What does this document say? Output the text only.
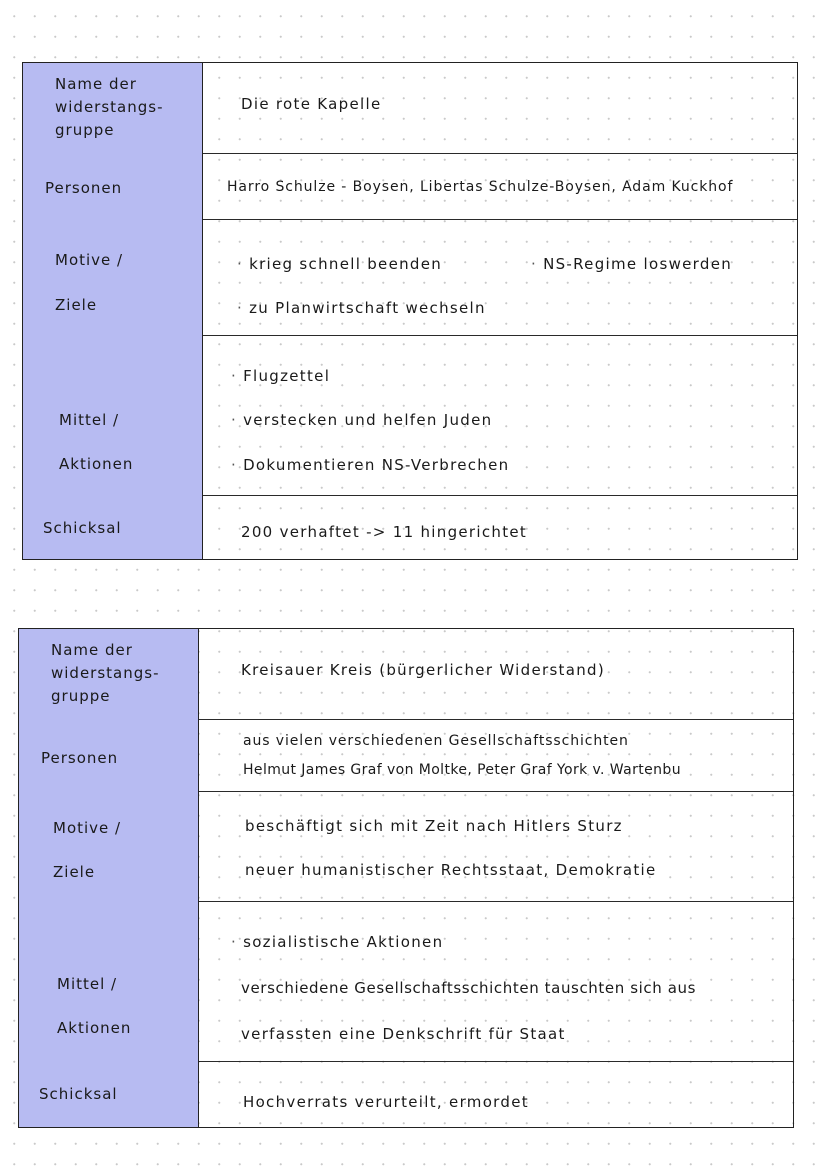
Name der
widerstangs-
gruppe
Die rote Kapelle
Personen	Harro Schulze - Boysen, Libertas Schulze-Boysen, Adam Kuckhof
Motive /
Ziele
· krieg schnell beenden
·	NS-Regime loswerden
· zu Planwirtschaft wechseln
Mittel /
Aktionen
· Flugzettel
· verstecken und helfen Juden
· Dokumentieren NS-Verbrechen
Schicksal	200 verhaftet -> 11 hingerichtet
Name der
widerstangs-
gruppe
Kreisauer Kreis (bürgerlicher Widerstand)
Personen
aus vielen verschiedenen Gesellschaftsschichten
Helmut James Graf von Moltke, Peter Graf York v. Wartenbu
Motive /
Ziele
beschäftigt sich mit Zeit nach Hitlers Sturz
neuer humanistischer Rechtsstaat, Demokratie
Mittel /
Aktionen
· sozialistische Aktionen
verschiedene Gesellschaftsschichten tauschten sich aus
verfassten eine Denkschrift für Staat
Schicksal	Hochverrats verurteilt, ermordet
